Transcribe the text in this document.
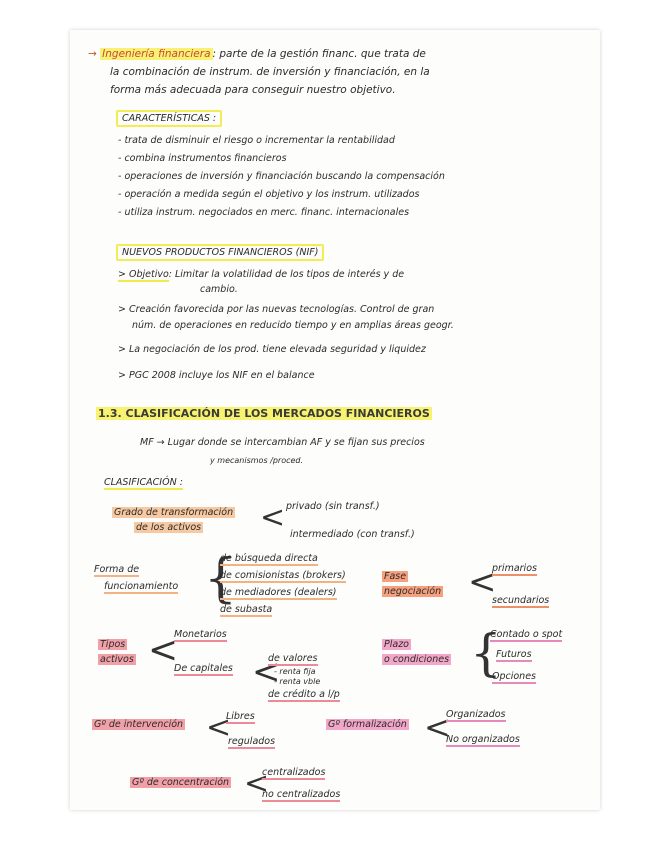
→ Ingeniería financiera : parte de la gestión financ. que trata de
la combinación de instrum. de inversión y financiación, en la
forma más adecuada para conseguir nuestro objetivo.
CARACTERÍSTICAS :
- trata de disminuir el riesgo o incrementar la rentabilidad
- combina instrumentos financieros
- operaciones de inversión y financiación buscando la compensación
- operación a medida según el objetivo y los instrum. utilizados
- utiliza instrum. negociados en merc. financ. internacionales
NUEVOS PRODUCTOS FINANCIEROS (NIF)
> Objetivo: Limitar la volatilidad de los tipos de interés y de
cambio.
> Creación favorecida por las nuevas tecnologías. Control de gran
núm. de operaciones en reducido tiempo y en amplias áreas geogr.
> La negociación de los prod. tiene elevada seguridad y liquidez
> PGC 2008 incluye los NIF en el balance
1.3. CLASIFICACIÓN DE LOS MERCADOS FINANCIEROS
MF → Lugar donde se intercambian AF y se fijan sus precios
y mecanismos /proced.
CLASIFICACIÓN :
Grado de transformación
de los activos < privado (sin transf.)
intermediado (con transf.)
Forma de
funcionamiento {
de búsqueda directa
de comisionistas (brokers)
de mediadores (dealers)
de subasta
Fase
negociación <
primarios
secundarios
Tipos
activos <
Monetarios
De capitales <
de valores
- renta fija
- renta vble
de crédito a l/p
Plazo
o condiciones {
Contado o spot
Futuros
Opciones
Gº de intervención <
Libres
regulados
Gº formalización <
Organizados
No organizados
Gº de concentración <
centralizados
no centralizados
